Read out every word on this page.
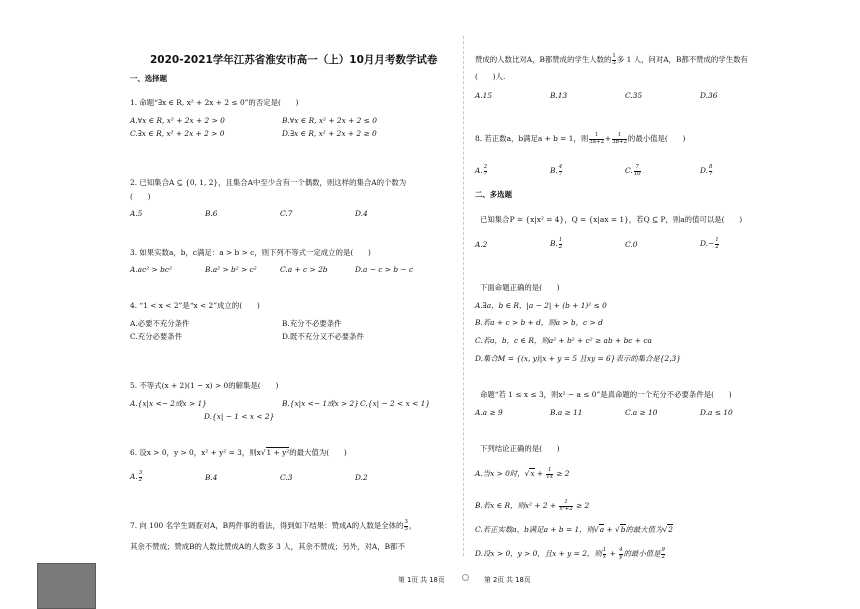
2020-2021学年江苏省淮安市高一（上）10月月考数学试卷
一、选择题
1. 命题“∃x ∈ R, x² + 2x + 2 ≤ 0”的否定是(　　)
A.∀x ∈ R, x² + 2x + 2 > 0	B.∀x ∈ R, x² + 2x + 2 ≤ 0
C.∃x ∈ R, x² + 2x + 2 > 0	D.∃x ∈ R, x² + 2x + 2 ≥ 0
2. 已知集合A ⊆ {0, 1, 2}，且集合A中至少含有一个偶数，则这样的集合A的个数为
(　　)
A.5	B.6	C.7	D.4
3. 如果实数a，b，c满足：a > b > c，则下列不等式一定成立的是(　　)
A.ac² > bc²	B.a² > b² > c²	C.a + c > 2b	D.a − c > b − c
4. “1 < x < 2”是“x < 2”成立的(　　)
A.必要不充分条件	B.充分不必要条件
C.充分必要条件	D.既不充分又不必要条件
5. 不等式(x + 2)(1 − x) > 0的解集是(　　)
A.{x|x <− 2或x > 1}	B.{x|x <− 1或x > 2} C.{x| − 2 < x < 1}
D.{x| − 1 < x < 2}
6. 设x > 0，y > 0，x² + y² = 3，则x√1 + y²的最大值为(　　)
A. $\frac{3}{2}$	B.4	C.3	D.2
7. 向 100 名学生调查对A，B两件事的看法，得到如下结果：赞成A的人数是全体的 $\frac{3}{5}$ ，
其余不赞成；赞成B的人数比赞成A的人数多 3 人，其余不赞成；另外，对A，B都不
赞成的人数比对A，B都赞成的学生人数的 $\frac{1}{3}$ 多 1 人，问对A，B都不赞成的学生数有
(　　)人.
A.15	B.13	C.35	D.36
8. 若正数a，b满足a + b = 1，则 $\frac{1}{3a+2} + \frac{1}{3b+2}$ 的最小值是(　　)
A. $\frac{2}{7}$	B. $\frac{4}{7}$	C. $\frac{7}{10}$	D. $\frac{8}{7}$
二、多选题
已知集合P = {x|x² = 4}，Q = {x|ax = 1}，若Q ⊆ P，则a的值可以是(　　)
A.2	B. $\frac{1}{2}$	C.0	$D.- \frac{1}{2}$
下面命题正确的是(　　)
A.∃a，b ∈ R，|a − 2| + (b + 1)² ≤ 0
B.若a + c > b + d，则a > b，c > d
C.若a，b，c ∈ R，则a² + b² + c² ≥ ab + bc + ca
D.集合M = {(x, y)|x + y = 5 且xy = 6}表示的集合是{2,3}
命题“若 1 ≤ x ≤ 3，则x² − a ≤ 0”是真命题的一个充分不必要条件是(　　)
A.a ≥ 9	B.a ≥ 11	C.a ≥ 10	D.a ≤ 10
下列结论正确的是(　　)
A.当x > 0时，$√x + \frac{1}{√x} \ge 2$
B.若x ∈ R，则$x^2 + 2 + \frac{1}{\text{x²+2}} \ge 2$
C.若正实数a，b满足a + b = 1，则√a + √b的最大值为√2
D.设x > 0，y > 0，且x + y = 2，则 $\frac{1}{x} + \frac{4}{y}$ 的最小值是 $\frac{9}{2}$
第 1页 共 18页	第 2页 共 18页
